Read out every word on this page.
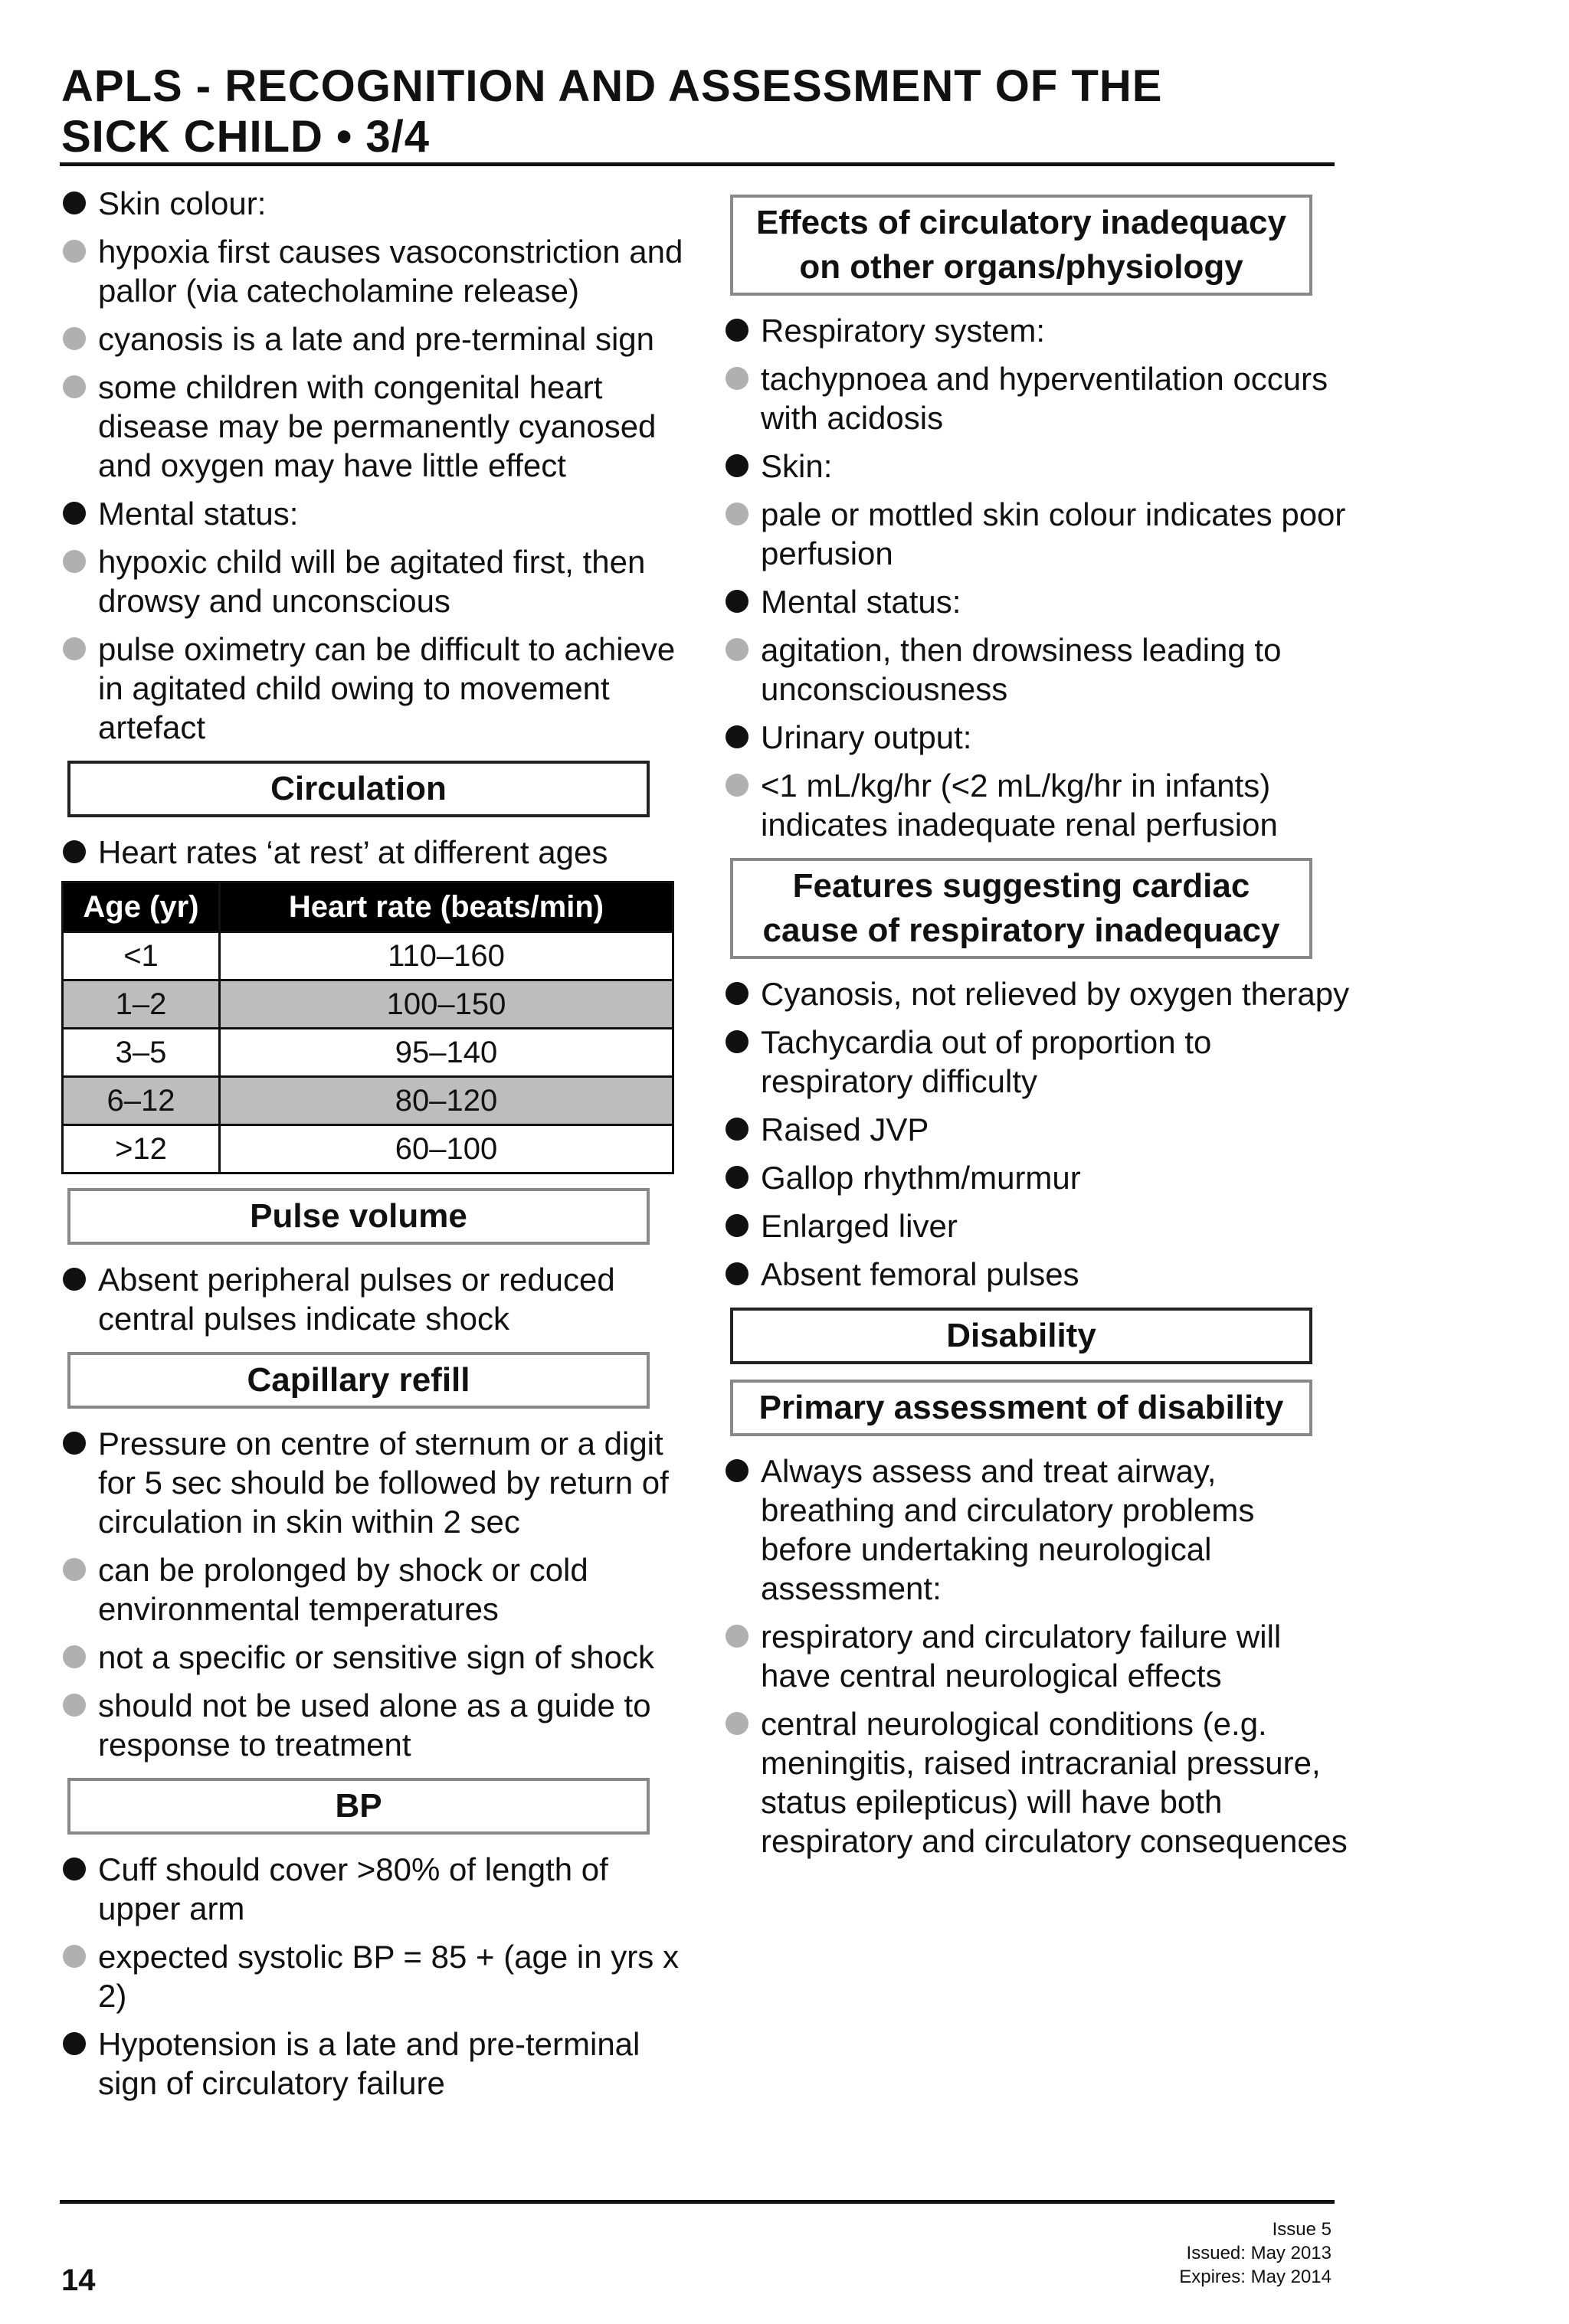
APLS - RECOGNITION AND ASSESSMENT OF THE
SICK CHILD • 3/4
Skin colour:
hypoxia first causes vasoconstriction and pallor (via catecholamine release)
cyanosis is a late and pre-terminal sign
some children with congenital heart disease may be permanently cyanosed and oxygen may have little effect
Mental status:
hypoxic child will be agitated first, then drowsy and unconscious
pulse oximetry can be difficult to achieve in agitated child owing to movement artefact
Circulation
Heart rates ‘at rest’ at different ages
Age (yr)	Heart rate (beats/min)
<1	110–160
1–2	100–150
3–5	95–140
6–12	80–120
>12	60–100
Pulse volume
Absent peripheral pulses or reduced central pulses indicate shock
Capillary refill
Pressure on centre of sternum or a digit for 5 sec should be followed by return of circulation in skin within 2 sec
can be prolonged by shock or cold environmental temperatures
not a specific or sensitive sign of shock
should not be used alone as a guide to response to treatment
BP
Cuff should cover >80% of length of upper arm
expected systolic BP = 85 + (age in yrs x 2)
Hypotension is a late and pre-terminal sign of circulatory failure
Effects of circulatory inadequacy on other organs/physiology
Respiratory system:
tachypnoea and hyperventilation occurs with acidosis
Skin:
pale or mottled skin colour indicates poor perfusion
Mental status:
agitation, then drowsiness leading to unconsciousness
Urinary output:
<1 mL/kg/hr (<2 mL/kg/hr in infants) indicates inadequate renal perfusion
Features suggesting cardiac cause of respiratory inadequacy
Cyanosis, not relieved by oxygen therapy
Tachycardia out of proportion to respiratory difficulty
Raised JVP
Gallop rhythm/murmur
Enlarged liver
Absent femoral pulses
Disability
Primary assessment of disability
Always assess and treat airway, breathing and circulatory problems before undertaking neurological assessment:
respiratory and circulatory failure will have central neurological effects
central neurological conditions (e.g. meningitis, raised intracranial pressure, status epilepticus) will have both respiratory and circulatory consequences
14
Issue 5
Issued: May 2013
Expires: May 2014
